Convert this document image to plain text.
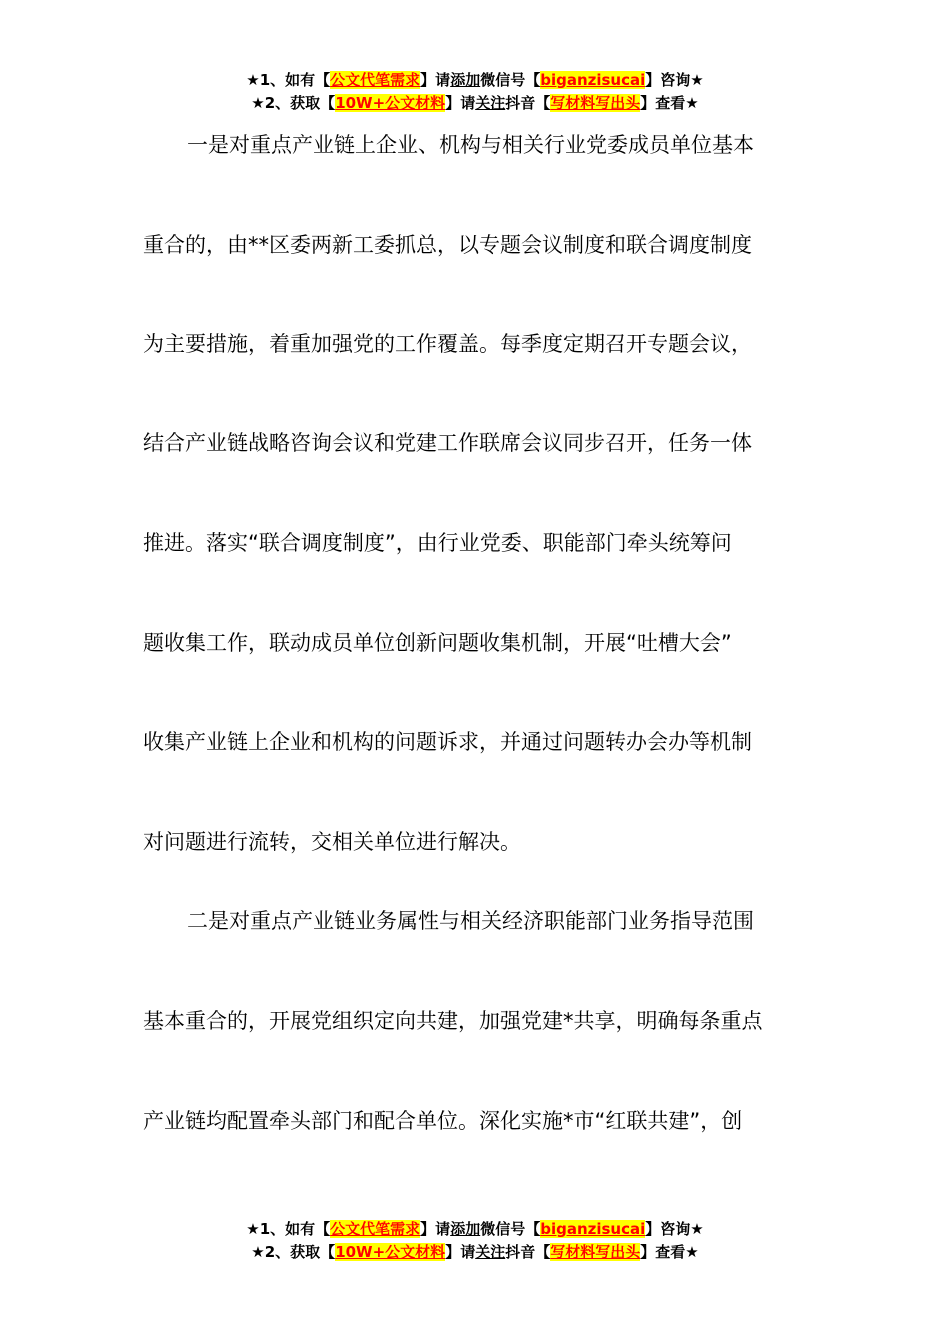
★1、如有【公文代笔需求】请添加微信号【biganzisucai】咨询★
★2、获取【10W+公文材料】请关注抖音【写材料写出头】查看★
一是对重点产业链上企业、机构与相关行业党委成员单位基本
重合的，由**区委两新工委抓总，以专题会议制度和联合调度制度
为主要措施，着重加强党的工作覆盖。每季度定期召开专题会议，
结合产业链战略咨询会议和党建工作联席会议同步召开，任务一体
推进。落实“联合调度制度”，由行业党委、职能部门牵头统筹问
题收集工作，联动成员单位创新问题收集机制，开展“吐槽大会”
收集产业链上企业和机构的问题诉求，并通过问题转办会办等机制
对问题进行流转，交相关单位进行解决。
二是对重点产业链业务属性与相关经济职能部门业务指导范围
基本重合的，开展党组织定向共建，加强党建*共享，明确每条重点
产业链均配置牵头部门和配合单位。深化实施*市“红联共建”，创
★1、如有【公文代笔需求】请添加微信号【biganzisucai】咨询★
★2、获取【10W+公文材料】请关注抖音【写材料写出头】查看★
